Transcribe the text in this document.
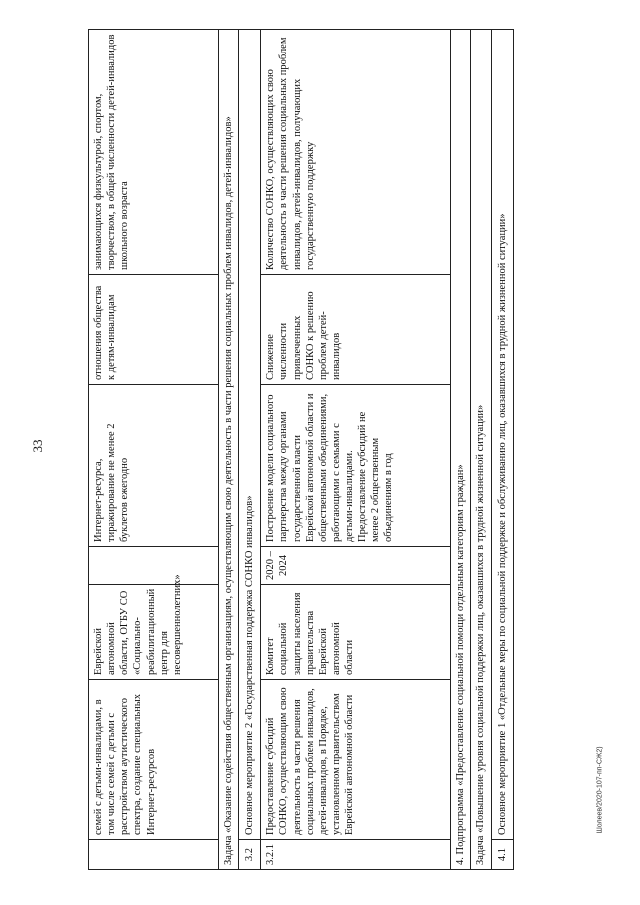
33
	семей с детьми-инвалидами, в том числе семей с детьми с расстройством аутистического спектра, создание специальных Интернет-ресурсов	Еврейской автономной области, ОГБУ СО «Социально-реабилитационный центр для несовершеннолетних»		Интернет-ресурса, тиражирование не менее 2 буклетов ежегодно	отношения общества к детям-инвалидам	занимающихся физкультурой, спортом, творчеством, в общей численности детей-инвалидов школьного возраста
Задача «Оказание содействия общественным организациям, осуществляющим свою деятельность в части решения социальных проблем инвалидов, детей-инвалидов»						
3.2	Основное мероприятие 2 «Государственная поддержка СОНКО инвалидов»					
3.2.1	Предоставление субсидий СОНКО, осуществляющим свою деятельность в части решения социальных проблем инвалидов, детей-инвалидов, в Порядке, установленном правительством Еврейской автономной области	Комитет социальной защиты населения правительства Еврейской автономной области	2020 – 2024	Построение модели социального партнерства между органами государственной власти Еврейской автономной области и общественными объединениями, работающими с семьями с детьми-инвалидами. Предоставление субсидий не менее 2 общественным объединениям в год	Снижение численности привлеченных СОНКО к решению проблем детей-инвалидов	Количество СОНКО, осуществляющих свою деятельность в части решения социальных проблем инвалидов, детей-инвалидов, получающих государственную поддержку
4. Подпрограмма «Предоставление социальной помощи отдельным категориям граждан»						
Задача «Повышение уровня социальной поддержки лиц, оказавшихся в трудной жизненной ситуации»						
4.1	Основное мероприятие 1 «Отдельные меры по социальной поддержке и обслуживанию лиц, оказавшихся в трудной жизненной ситуации»						Шолеев/2020-107-пп-СЖ2)
